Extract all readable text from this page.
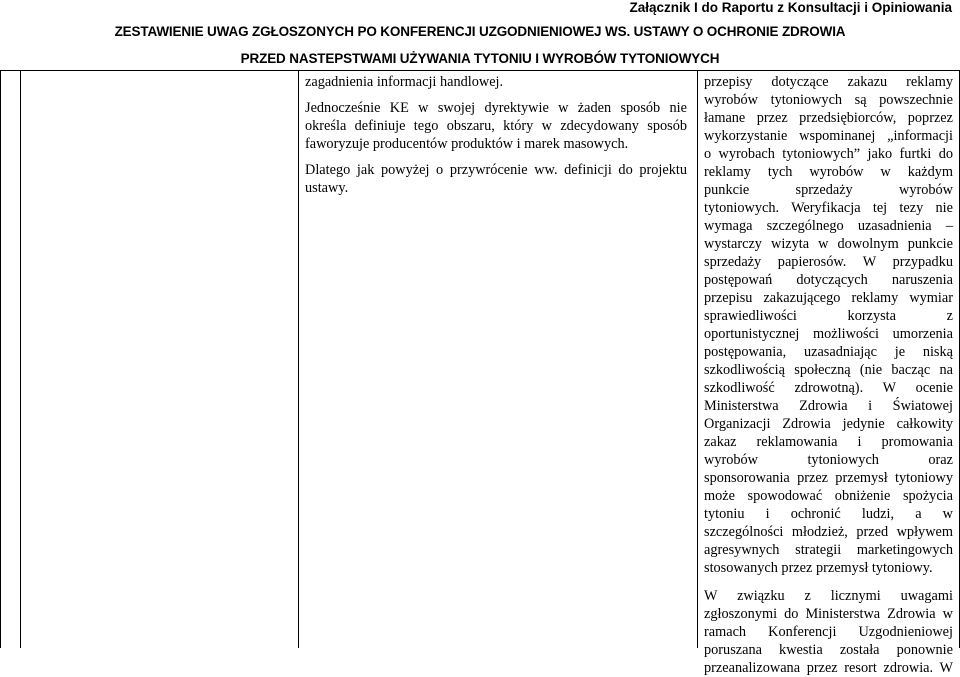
Załącznik I do Raportu z Konsultacji i Opiniowania
ZESTAWIENIE UWAG ZGŁOSZONYCH PO KONFERENCJI UZGODNIENIOWEJ WS. USTAWY O OCHRONIE ZDROWIA
PRZED NASTEPSTWAMI UŻYWANIA TYTONIU I WYROBÓW TYTONIOWYCH

zagadnienia informacji handlowej.

Jednocześnie KE w swojej dyrektywie w żaden sposób nie
określa definiuje tego obszaru, który w zdecydowany sposób
faworyzuje producentów produktów i marek masowych.

Dlatego jak powyżej o przywrócenie ww. definicji do projektu
ustawy.

przepisy dotyczące zakazu reklamy
wyrobów tytoniowych są powszechnie
łamane przez przedsiębiorców, poprzez
wykorzystanie wspominanej „informacji
o wyrobach tytoniowych” jako furtki do
reklamy tych wyrobów w każdym
punkcie sprzedaży wyrobów
tytoniowych. Weryfikacja tej tezy nie
wymaga szczególnego uzasadnienia –
wystarczy wizyta w dowolnym punkcie
sprzedaży papierosów. W przypadku
postępowań dotyczących naruszenia
przepisu zakazującego reklamy wymiar
sprawiedliwości korzysta z
oportunistycznej możliwości umorzenia
postępowania, uzasadniając je niską
szkodliwością społeczną (nie bacząc na
szkodliwość zdrowotną). W ocenie
Ministerstwa Zdrowia i Światowej
Organizacji Zdrowia jedynie całkowity
zakaz reklamowania i promowania
wyrobów tytoniowych oraz
sponsorowania przez przemysł tytoniowy
może spowodować obniżenie spożycia
tytoniu i ochronić ludzi, a w
szczególności młodzież, przed wpływem
agresywnych strategii marketingowych
stosowanych przez przemysł tytoniowy.

W związku z licznymi uwagami
zgłoszonymi do Ministerstwa Zdrowia w
ramach Konferencji Uzgodnieniowej
poruszana kwestia została ponownie
przeanalizowana przez resort zdrowia. W
